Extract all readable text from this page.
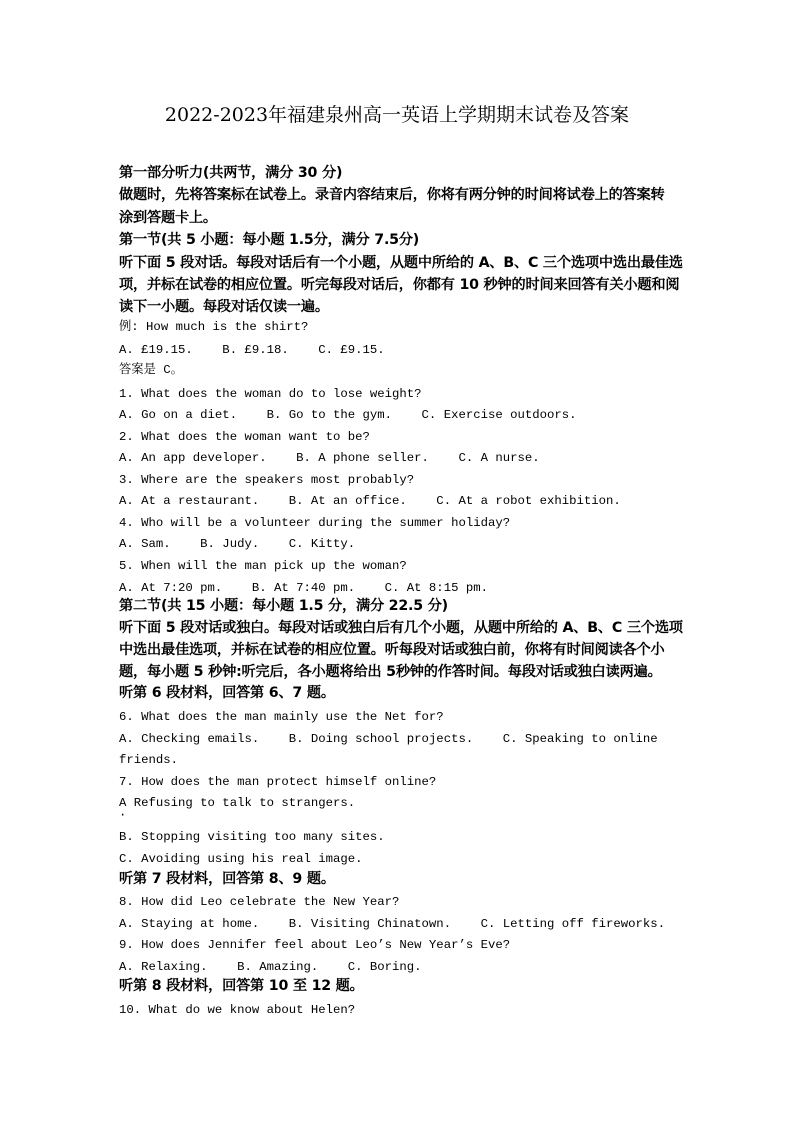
2022-2023年福建泉州高一英语上学期期末试卷及答案
第一部分听力(共两节，满分 30 分)
做题时，先将答案标在试卷上。录音内容结束后，你将有两分钟的时间将试卷上的答案转
涂到答题卡上。
第一节(共 5 小题：每小题 1.5分，满分 7.5分)
听下面 5 段对话。每段对话后有一个小题，从题中所给的 A、B、C 三个选项中选出最佳选
项，并标在试卷的相应位置。听完每段对话后，你都有 10 秒钟的时间来回答有关小题和阅
读下一小题。每段对话仅读一遍。
例: How much is the shirt?
A. £19.15.    B. £9.18.    C. £9.15.
答案是 C。
1. What does the woman do to lose weight?
A. Go on a diet.    B. Go to the gym.    C. Exercise outdoors.
2. What does the woman want to be?
A. An app developer.    B. A phone seller.    C. A nurse.
3. Where are the speakers most probably?
A. At a restaurant.    B. At an office.    C. At a robot exhibition.
4. Who will be a volunteer during the summer holiday?
A. Sam.    B. Judy.    C. Kitty.
5. When will the man pick up the woman?
A. At 7:20 pm.    B. At 7:40 pm.    C. At 8:15 pm.
第二节(共 15 小题：每小题 1.5 分，满分 22.5 分)
听下面 5 段对话或独白。每段对话或独白后有几个小题，从题中所给的 A、B、C 三个选项
中选出最佳选项，并标在试卷的相应位置。听每段对话或独白前，你将有时间阅读各个小
题，每小题 5 秒钟:听完后，各小题将给出 5秒钟的作答时间。每段对话或独白读两遍。
听第 6 段材料，回答第 6、7 题。
6. What does the man mainly use the Net for?
A. Checking emails.    B. Doing school projects.    C. Speaking to online
friends.
7. How does the man protect himself online?
A Refusing to talk to strangers.
·
B. Stopping visiting too many sites.
C. Avoiding using his real image.
听第 7 段材料，回答第 8、9 题。
8. How did Leo celebrate the New Year?
A. Staying at home.    B. Visiting Chinatown.    C. Letting off fireworks.
9. How does Jennifer feel about Leo’s New Year’s Eve?
A. Relaxing.    B. Amazing.    C. Boring.
听第 8 段材料，回答第 10 至 12 题。
10. What do we know about Helen?
